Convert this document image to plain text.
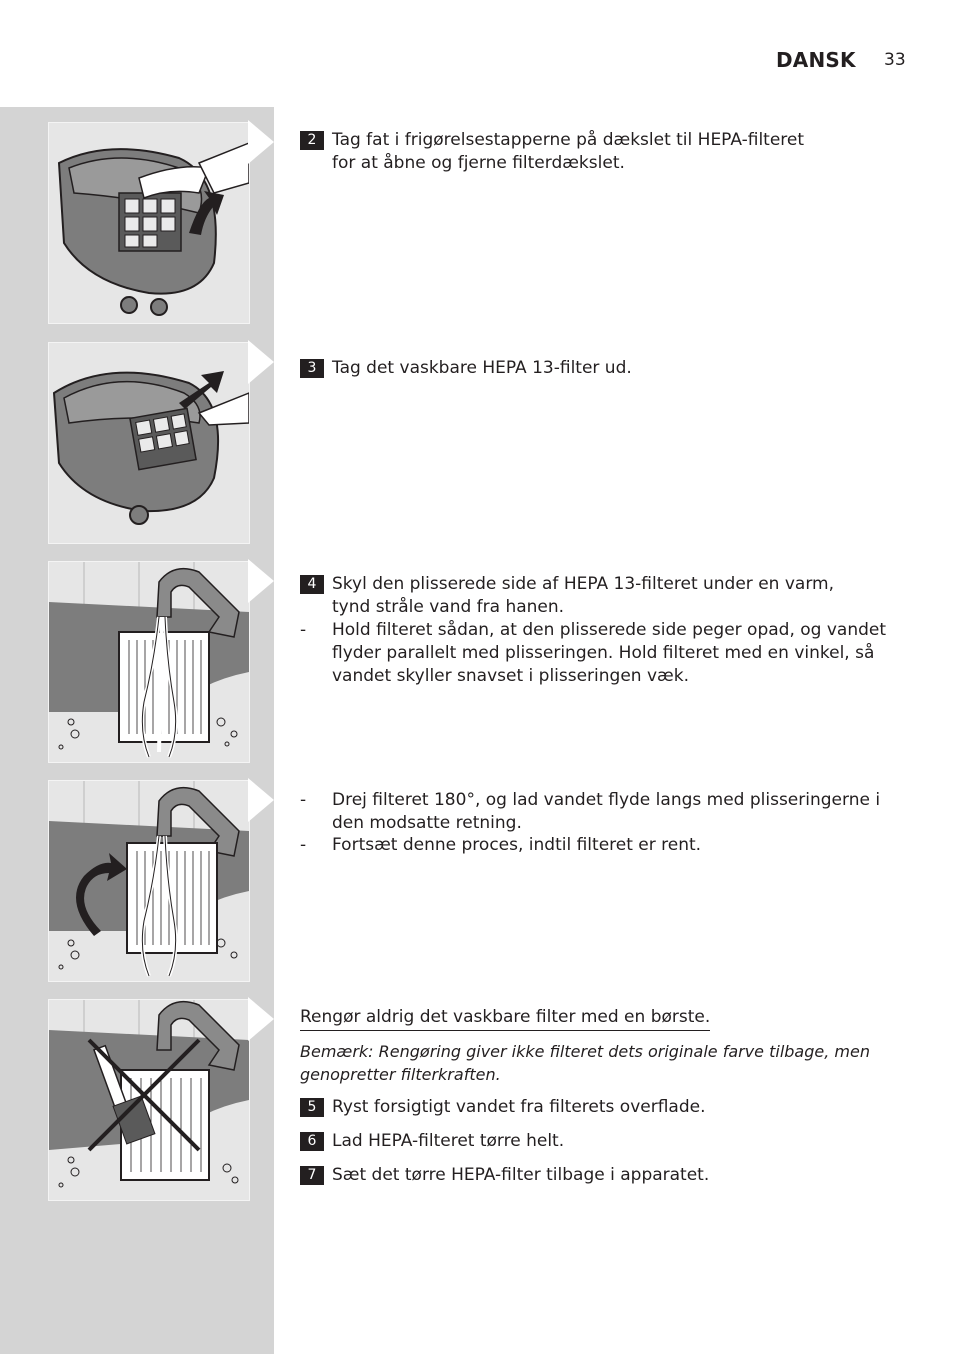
DANSK 33
2 Tag fat i frigørelsestapperne på dækslet til HEPA-filteret for at åbne og fjerne filterdækslet.
3 Tag det vaskbare HEPA 13-filter ud.
4 Skyl den plisserede side af HEPA 13-filteret under en varm, tynd stråle vand fra hanen.
- Hold filteret sådan, at den plisserede side peger opad, og vandet flyder parallelt med plisseringen. Hold filteret med en vinkel, så vandet skyller snavset i plisseringen væk.
- Drej filteret 180°, og lad vandet flyde langs med plisseringerne i den modsatte retning.
- Fortsæt denne proces, indtil filteret er rent.
Rengør aldrig det vaskbare filter med en børste.
Bemærk: Rengøring giver ikke filteret dets originale farve tilbage, men genopretter filterkraften.
5 Ryst forsigtigt vandet fra filterets overflade.
6 Lad HEPA-filteret tørre helt.
7 Sæt det tørre HEPA-filter tilbage i apparatet.
